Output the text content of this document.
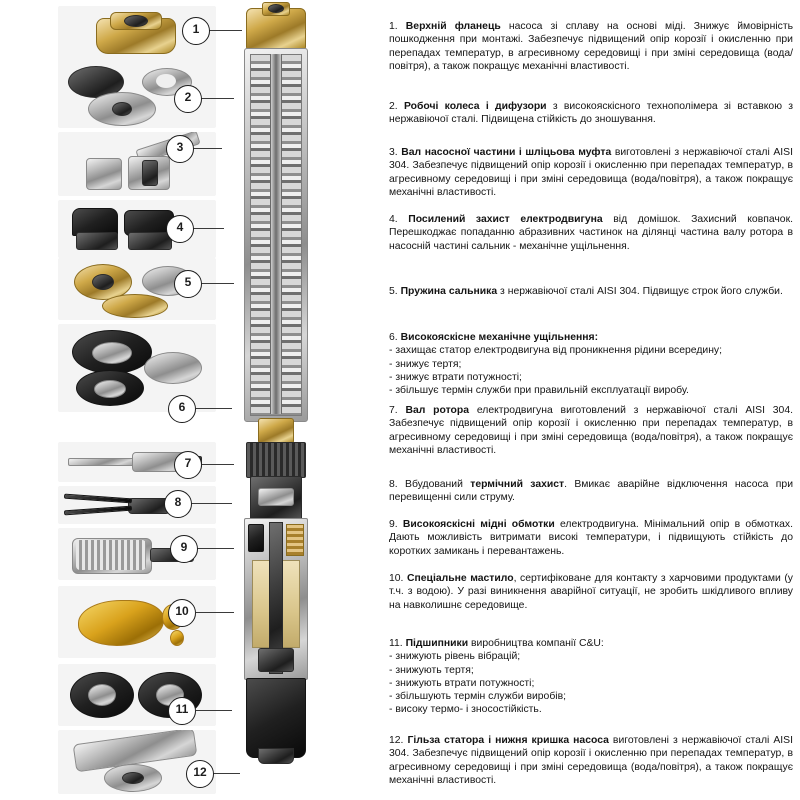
1
2
3
4
5
6
7
8
9
10
11
12
1. Верхній фланець насоса зі сплаву на основі міді. Знижує ймовірність пошкодження при монтажі. Забезпечує підвищений опір корозії і окисленню при перепадах температур, в агресивному середовищі і при зміні середовища (вода/повітря), а також покращує механічні властивості.
2. Робочі колеса і дифузори з високояскісного технополімера зі вставкою з нержавіючої сталі. Підвищена стійкість до зношування.
3. Вал насосної частини і шліцьова муфта виготовлені з нержавіючої сталі AISI 304. Забезпечує підвищений опір корозії і окисленню при перепадах температур, в агресивному середовищі і при зміні середовища (вода/повітря), а також покращує механічні властивості.
4. Посилений захист електродвигуна від домішок. Захисний ковпачок. Перешкоджає попаданню абразивних частинок на ділянці частина валу ротора в насосній частині сальник - механічне ущільнення.
5. Пружина сальника з нержавіючої сталі AISI 304. Підвищує строк його служби.
6. Високояскісне механічне ущільнення:
- захищає статор електродвигуна від проникнення рідини всередину;
- знижує тертя;
- знижує втрати потужності;
- збільшує термін служби при правильній експлуатації виробу.
7. Вал ротора електродвигуна виготовлений з нержавіючої сталі AISI 304. Забезпечує підвищений опір корозії і окисленню при перепадах температур, в агресивному середовищі і при зміні середовища (вода/повітря), а також покращує механічні властивості.
8. Вбудований термічний захист. Вмикає аварійне відключення насоса при перевищенні сили струму.
9. Високояскісні мідні обмотки електродвигуна. Мінімальний опір в обмотках. Дають можливість витримати високі температури, і підвищують стійкість до коротких замикань і перевантажень.
10. Спеціальне мастило, сертифіковане для контакту з харчовими продуктами (у т.ч. з водою). У разі виникнення аварійної ситуації, не зробить шкідливого впливу на навколишнє середовище.
11. Підшипники виробництва компанії C&U:
- знижують рівень вібрацій;
- знижують тертя;
- знижують втрати потужності;
- збільшують термін служби виробів;
- високу термо- і зносостійкість.
12. Гільза статора і нижня кришка насоса виготовлені з нержавіючої сталі AISI 304. Забезпечує підвищений опір корозії і окисленню при перепадах температур, в агресивному середовищі і при зміні середовища (вода/повітря), а також покращує механічні властивості.
